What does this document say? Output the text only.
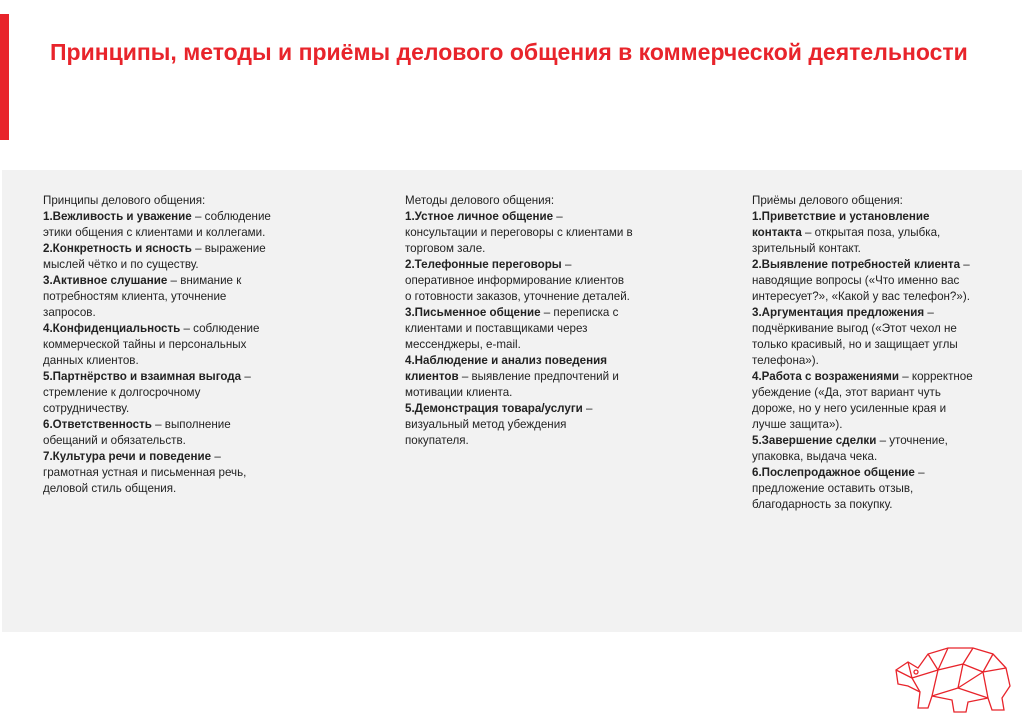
Принципы, методы и приёмы делового общения в коммерческой деятельности
Принципы делового общения:
1.Вежливость и уважение – соблюдение этики общения с клиентами и коллегами.
2.Конкретность и ясность – выражение мыслей чётко и по существу.
3.Активное слушание – внимание к потребностям клиента, уточнение запросов.
4.Конфиденциальность – соблюдение коммерческой тайны и персональных данных клиентов.
5.Партнёрство и взаимная выгода – стремление к долгосрочному сотрудничеству.
6.Ответственность – выполнение обещаний и обязательств.
7.Культура речи и поведение – грамотная устная и письменная речь, деловой стиль общения.
Методы делового общения:
1.Устное личное общение – консультации и переговоры с клиентами в торговом зале.
2.Телефонные переговоры – оперативное информирование клиентов о готовности заказов, уточнение деталей.
3.Письменное общение – переписка с клиентами и поставщиками через мессенджеры, e-mail.
4.Наблюдение и анализ поведения клиентов – выявление предпочтений и мотивации клиента.
5.Демонстрация товара/услуги – визуальный метод убеждения покупателя.
Приёмы делового общения:
1.Приветствие и установление контакта – открытая поза, улыбка, зрительный контакт.
2.Выявление потребностей клиента – наводящие вопросы («Что именно вас интересует?», «Какой у вас телефон?»).
3.Аргументация предложения – подчёркивание выгод («Этот чехол не только красивый, но и защищает углы телефона»).
4.Работа с возражениями – корректное убеждение («Да, этот вариант чуть дороже, но у него усиленные края и лучше защита»).
5.Завершение сделки – уточнение, упаковка, выдача чека.
6.Послепродажное общение – предложение оставить отзыв, благодарность за покупку.
